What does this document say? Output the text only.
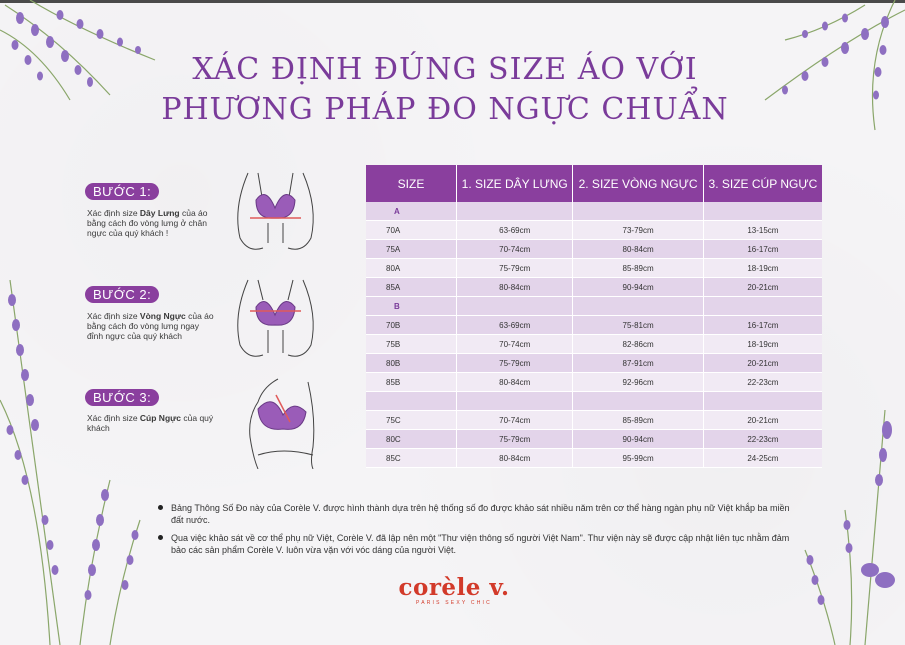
XÁC ĐỊNH ĐÚNG SIZE ÁO VỚI
PHƯƠNG PHÁP ĐO NGỰC CHUẨN
BƯỚC 1:
Xác định size Dây Lưng của áo bằng cách đo vòng lưng ở chân ngực của quý khách !
BƯỚC 2:
Xác định size Vòng Ngực của áo bằng cách đo vòng lưng ngay đỉnh ngực của quý khách
BƯỚC 3:
Xác định size Cúp Ngực của quý khách
SIZE	1. SIZE DÂY LƯNG	2. SIZE VÒNG NGỰC	3. SIZE CÚP NGỰC
A			
70A	63-69cm	73-79cm	13-15cm
75A	70-74cm	80-84cm	16-17cm
80A	75-79cm	85-89cm	18-19cm
85A	80-84cm	90-94cm	20-21cm
B			
70B	63-69cm	75-81cm	16-17cm
75B	70-74cm	82-86cm	18-19cm
80B	75-79cm	87-91cm	20-21cm
85B	80-84cm	92-96cm	22-23cm

75C	70-74cm	85-89cm	20-21cm
80C	75-79cm	90-94cm	22-23cm
85C	80-84cm	95-99cm	24-25cm
Bảng Thông Số Đo này của Corèle V. được hình thành dựa trên hệ thống số đo được khảo sát nhiều năm trên cơ thể hàng ngàn phụ nữ Việt khắp ba miền đất nước.
Qua việc khảo sát về cơ thể phụ nữ Việt, Corèle V. đã lập nên một "Thư viện thông số người Việt Nam". Thư viện này sẽ được cập nhật liên tục nhằm đảm bảo các sản phẩm Corèle V. luôn vừa vặn với vóc dáng của người Việt.
corèle v.
PARIS SEXY CHIC
